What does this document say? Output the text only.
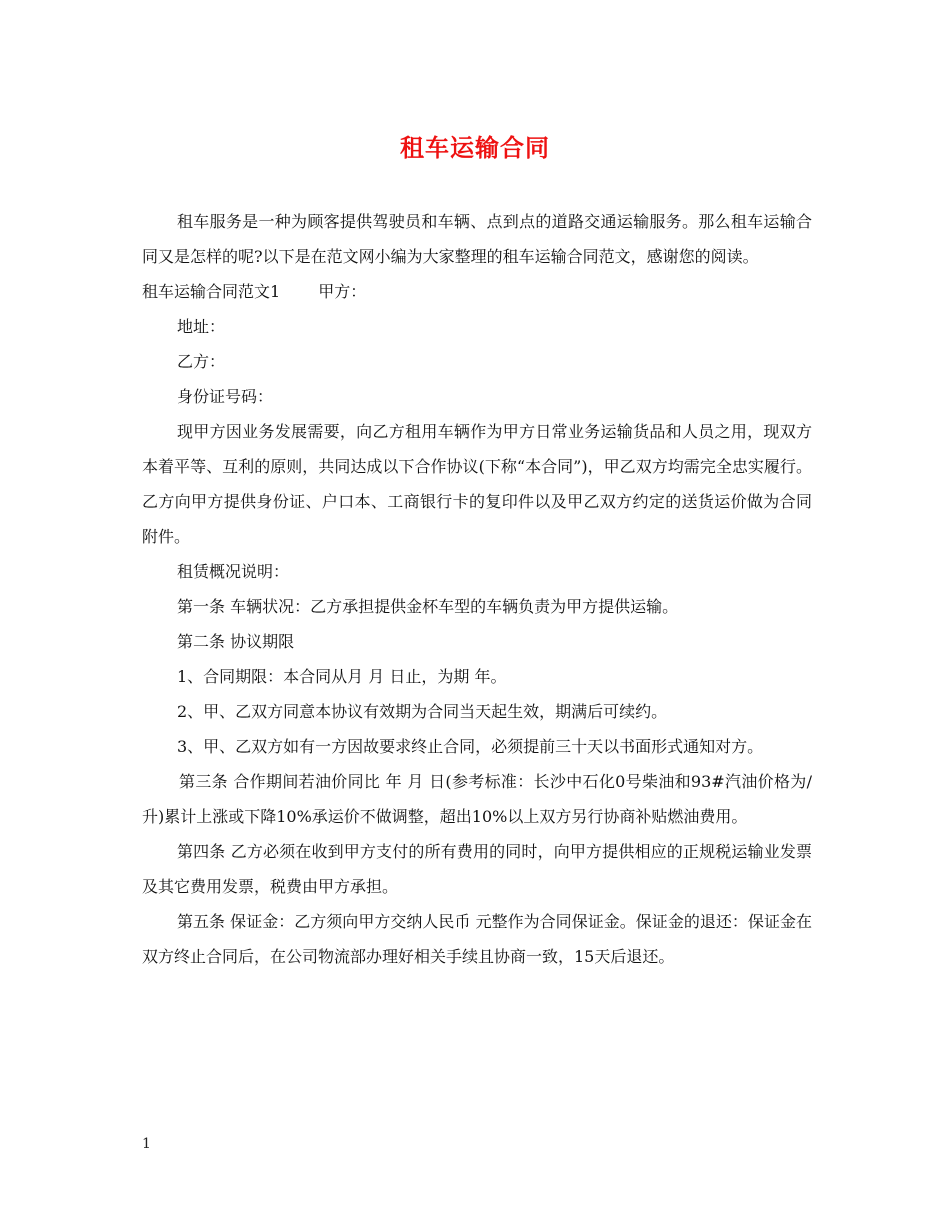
租车运输合同

租车服务是一种为顾客提供驾驶员和车辆、点到点的道路交通运输服务。那么租车运输合同又是怎样的呢?以下是在范文网小编为大家整理的租车运输合同范文，感谢您的阅读。

租车运输合同范文1 甲方：

地址：

乙方：

身份证号码：

现甲方因业务发展需要，向乙方租用车辆作为甲方日常业务运输货品和人员之用，现双方本着平等、互利的原则，共同达成以下合作协议(下称“本合同”)，甲乙双方均需完全忠实履行。乙方向甲方提供身份证、户口本、工商银行卡的复印件以及甲乙双方约定的送货运价做为合同附件。

租赁概况说明：

第一条 车辆状况：乙方承担提供金杯车型的车辆负责为甲方提供运输。

第二条 协议期限

1、合同期限：本合同从月 月 日止，为期 年。

2、甲、乙双方同意本协议有效期为合同当天起生效，期满后可续约。

3、甲、乙双方如有一方因故要求终止合同，必须提前三十天以书面形式通知对方。

第三条 合作期间若油价同比 年 月 日(参考标准：长沙中石化0号柴油和93#汽油价格为/升)累计上涨或下降10%承运价不做调整，超出10%以上双方另行协商补贴燃油费用。

第四条 乙方必须在收到甲方支付的所有费用的同时，向甲方提供相应的正规税运输业发票及其它费用发票，税费由甲方承担。

第五条 保证金：乙方须向甲方交纳人民币 元整作为合同保证金。保证金的退还：保证金在双方终止合同后，在公司物流部办理好相关手续且协商一致，15天后退还。

1
